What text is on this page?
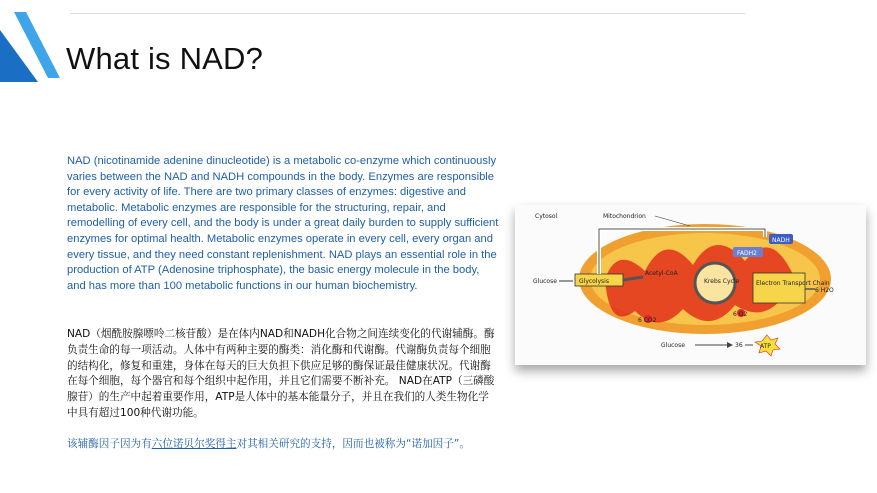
What is NAD?
NAD (nicotinamide adenine dinucleotide) is a metabolic co-enzyme which continuously varies between the NAD and NADH compounds in the body. Enzymes are responsible for every activity of life. There are two primary classes of enzymes: digestive and metabolic. Metabolic enzymes are responsible for the structuring, repair, and remodelling of every cell, and the body is under a great daily burden to supply sufficient enzymes for optimal health. Metabolic enzymes operate in every cell, every organ and every tissue, and they need constant replenishment. NAD plays an essential role in the production of ATP (Adenosine triphosphate), the basic energy molecule in the body, and has more than 100 metabolic functions in our human biochemistry.
NAD（烟酰胺腺嘌呤二核苷酸）是在体内NAD和NADH化合物之间连续变化的代谢辅酶。酶负责生命的每一项活动。人体中有两种主要的酶类：消化酶和代谢酶。代谢酶负责每个细胞的结构化，修复和重建，身体在每天的巨大负担下供应足够的酶保证最佳健康状况。代谢酶在每个细胞，每个器官和每个组织中起作用，并且它们需要不断补充。 NAD在ATP（三磷酸腺苷）的生产中起着重要作用，ATP是人体中的基本能量分子，并且在我们的人类生物化学中具有超过100种代谢功能。
该辅酶因子因为有六位诺贝尔奖得主对其相关研究的支持，因而也被称为“诺加因子”。
Cytosol	Mitochondrion
Glucose	Glycolysis
Acetyl-CoA
Krebs Cycle
NADH
FADH2
Electron Transport Chain
6 H2O
6 CO2
6 O2
Glucose	36	ATP
